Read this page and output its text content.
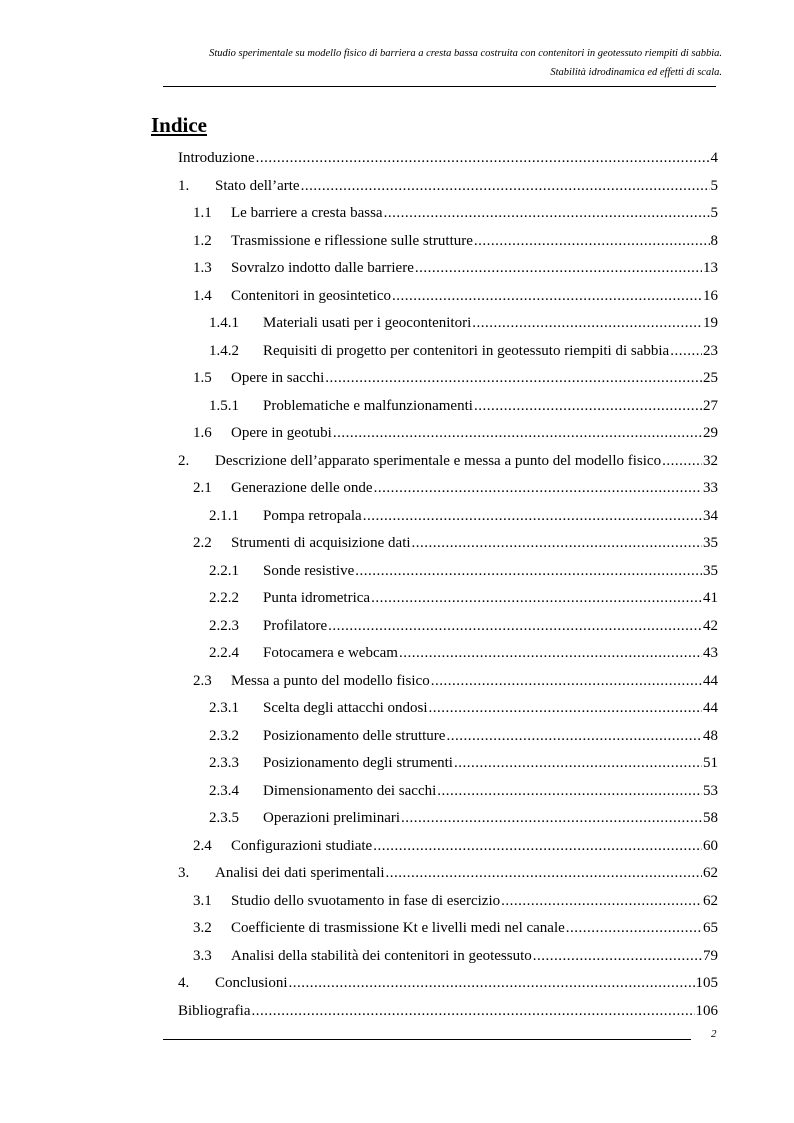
Studio sperimentale su modello fisico di barriera a cresta bassa costruita con contenitori in geotessuto riempiti di sabbia.
Stabilità idrodinamica ed effetti di scala.
Indice
Introduzione .....	4
1.	Stato dell’arte .....	5
1.1	Le barriere a cresta bassa .....	5
1.2	Trasmissione e riflessione sulle strutture .....	8
1.3	Sovralzo indotto dalle barriere .....	13
1.4	Contenitori in geosintetico .....	16
1.4.1	Materiali usati per i geocontenitori .....	19
1.4.2	Requisiti di progetto per contenitori in geotessuto riempiti di sabbia ..... 23
1.5	Opere in sacchi .....	25
1.5.1	Problematiche e malfunzionamenti .....	27
1.6	Opere in geotubi .....	29
2.	Descrizione dell’apparato sperimentale e messa a punto del modello fisico .....	32
2.1	Generazione delle onde .....	33
2.1.1	Pompa retropala .....	34
2.2	Strumenti di acquisizione dati .....	35
2.2.1	Sonde resistive .....	35
2.2.2	Punta idrometrica .....	41
2.2.3	Profilatore .....	42
2.2.4	Fotocamera e webcam .....	43
2.3	Messa a punto del modello fisico .....	44
2.3.1	Scelta degli attacchi ondosi .....	44
2.3.2	Posizionamento delle strutture .....	48
2.3.3	Posizionamento degli strumenti .....	51
2.3.4	Dimensionamento dei sacchi .....	53
2.3.5	Operazioni preliminari .....	58
2.4	Configurazioni studiate .....	60
3.	Analisi dei dati sperimentali .....	62
3.1	Studio dello svuotamento in fase di esercizio .....	62
3.2	Coefficiente di trasmissione Kt e livelli medi nel canale .....	65
3.3	Analisi della stabilità dei contenitori in geotessuto .....	79
4.	Conclusioni .....	105
Bibliografia .....	106
2
